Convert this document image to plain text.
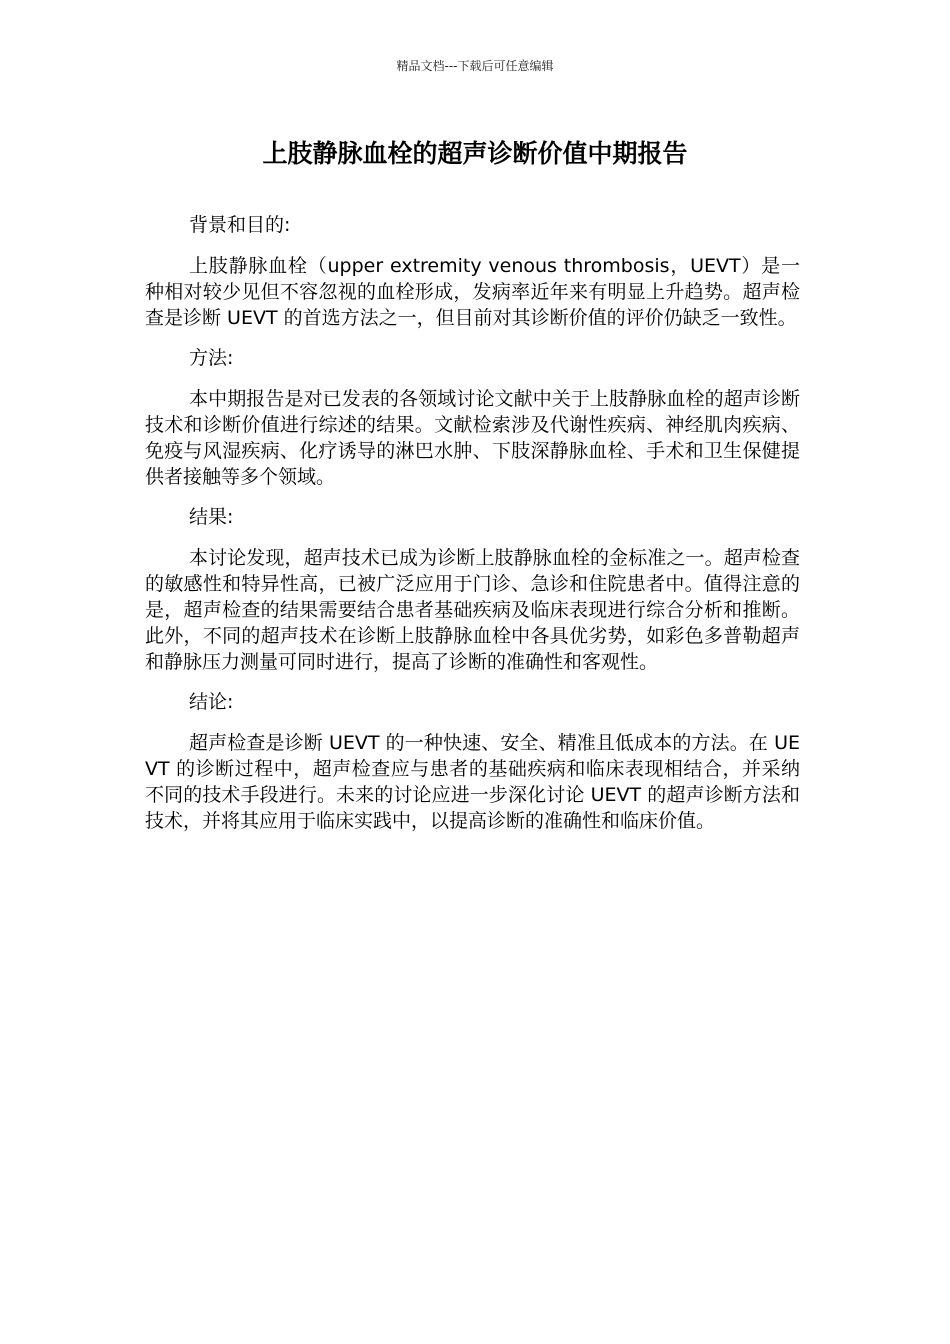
精品文档---下载后可任意编辑
上肢静脉血栓的超声诊断价值中期报告

背景和目的:

上肢静脉血栓（upper extremity venous thrombosis，UEVT）是一种相对较少见但不容忽视的血栓形成，发病率近年来有明显上升趋势。超声检查是诊断 UEVT 的首选方法之一，但目前对其诊断价值的评价仍缺乏一致性。

方法:

本中期报告是对已发表的各领域讨论文献中关于上肢静脉血栓的超声诊断技术和诊断价值进行综述的结果。文献检索涉及代谢性疾病、神经肌肉疾病、免疫与风湿疾病、化疗诱导的淋巴水肿、下肢深静脉血栓、手术和卫生保健提供者接触等多个领域。

结果:

本讨论发现，超声技术已成为诊断上肢静脉血栓的金标准之一。超声检查的敏感性和特异性高，已被广泛应用于门诊、急诊和住院患者中。值得注意的是，超声检查的结果需要结合患者基础疾病及临床表现进行综合分析和推断。此外，不同的超声技术在诊断上肢静脉血栓中各具优劣势，如彩色多普勒超声和静脉压力测量可同时进行，提高了诊断的准确性和客观性。

结论:

超声检查是诊断 UEVT 的一种快速、安全、精准且低成本的方法。在 UEVT 的诊断过程中，超声检查应与患者的基础疾病和临床表现相结合，并采纳不同的技术手段进行。未来的讨论应进一步深化讨论 UEVT 的超声诊断方法和技术，并将其应用于临床实践中，以提高诊断的准确性和临床价值。
